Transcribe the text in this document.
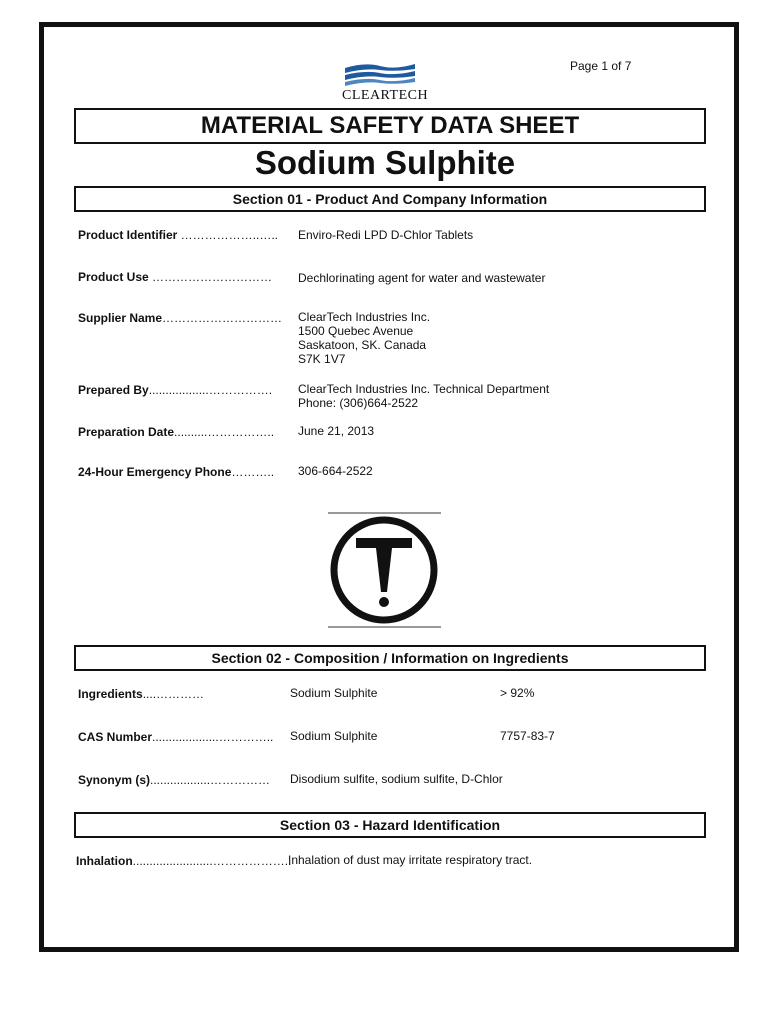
Page 1 of 7
CLEARTECH
MATERIAL SAFETY DATA SHEET
Sodium Sulphite
Section 01 - Product And Company Information
Product Identifier ………………..….. Enviro-Redi LPD D-Chlor Tablets
Product Use ………………………… Dechlorinating agent for water and wastewater
Supplier Name………………………… ClearTech Industries Inc.
1500 Quebec Avenue
Saskatoon, SK. Canada
S7K 1V7
Prepared By..................……………. ClearTech Industries Inc. Technical Department
Phone: (306)664-2522
Preparation Date..........…………….. June 21, 2013
24-Hour Emergency Phone……….. 306-664-2522
Section 02 - Composition / Information on Ingredients
Ingredients....…………	Sodium Sulphite	> 92%
CAS Number....................………….. Sodium Sulphite	7757-83-7
Synonym (s)..................…………… Disodium sulfite, sodium sulfite, D-Chlor
Section 03 - Hazard Identification
Inhalation........................………………..
Inhalation of dust may irritate respiratory tract.
